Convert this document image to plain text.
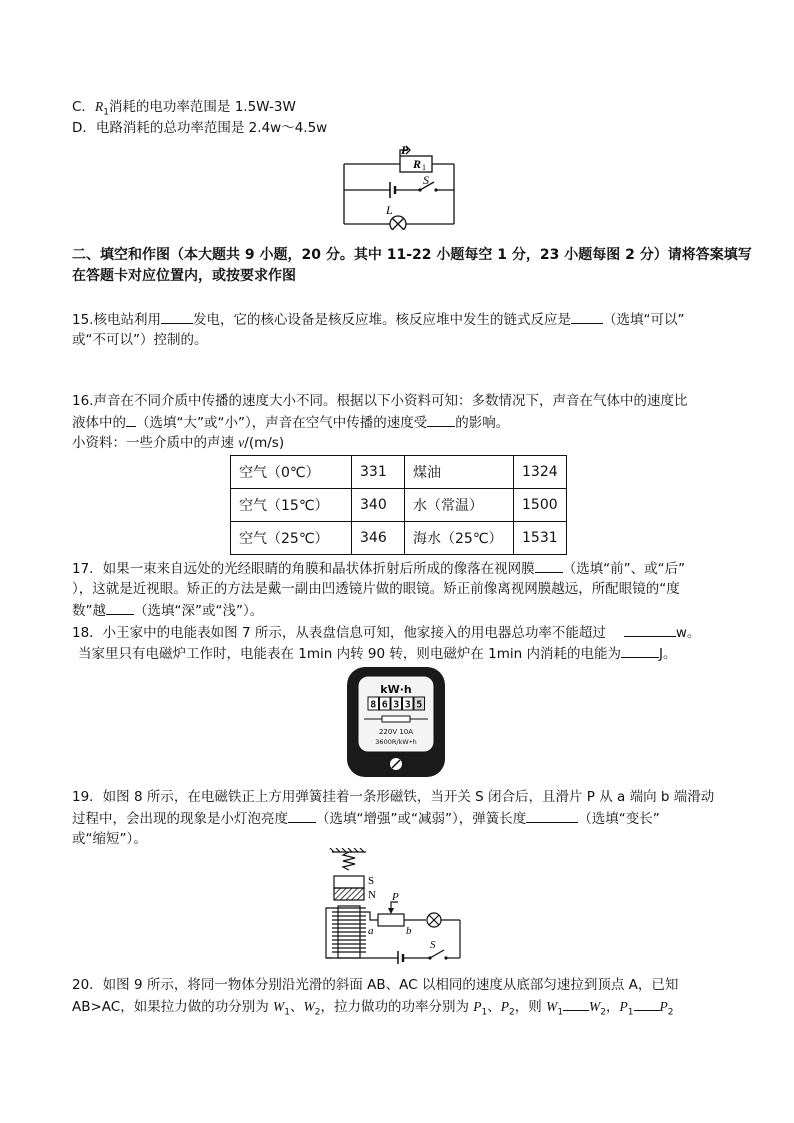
C．$R_1$消耗的电功率范围是 1.5W-3W
D．电路消耗的总功率范围是 2.4w～4.5w
P
R 1
S
L
二、填空和作图（本大题共 9 小题，20 分。其中 11-22 小题每空 1 分，23 小题每图 2 分）请将答案填写
在答题卡对应位置内，或按要求作图
15.核电站利用 发电，它的核心设备是核反应堆。核反应堆中发生的链式反应是 （选填“可以”
或“不可以”）控制的。
16.声音在不同介质中传播的速度大小不同。根据以下小资料可知：多数情况下，声音在气体中的速度比
液体中的 （选填“大”或“小”），声音在空气中传播的速度受 的影响。
小资料：一些介质中的声速 v/(m/s)
空气（0℃）	331	煤油	1324
空气（15℃）	340	水（常温）	1500
空气（25℃）	346	海水（25℃）	1531
17．如果一束来自远处的光经眼睛的角膜和晶状体折射后所成的像落在视网膜 （选填“前”、或“后”
），这就是近视眼。矫正的方法是戴一副由凹透镜片做的眼镜。矫正前像离视网膜越远，所配眼镜的“度
数”越 （选填“深”或“浅”）。
18．小王家中的电能表如图 7 所示，从表盘信息可知，他家接入的用电器总功率不能超过	w。
当家里只有电磁炉工作时，电能表在 1min 内转 90 转，则电磁炉在 1min 内消耗的电能为	J。
kW·h
8 6 3 3 5
220V 10A
3600R/kW•h
19．如图 8 所示，在电磁铁正上方用弹簧挂着一条形磁铁，当开关 S 闭合后，且滑片 P 从 a 端向 b 端滑动
过程中，会出现的现象是小灯泡亮度 （选填“增强”或“减弱”），弹簧长度	（选填“变长”
或“缩短”）。
S
N P
a	b
S
20．如图 9 所示，将同一物体分别沿光滑的斜面 AB、AC 以相同的速度从底部匀速拉到顶点 A，已知
AB>AC，如果拉力做的功分别为 $W_1$、$W_2$，拉力做功的功率分别为 $P_1$、$P_2$，则 $W_1$ $W_2$，$P_1$ $P_2$
